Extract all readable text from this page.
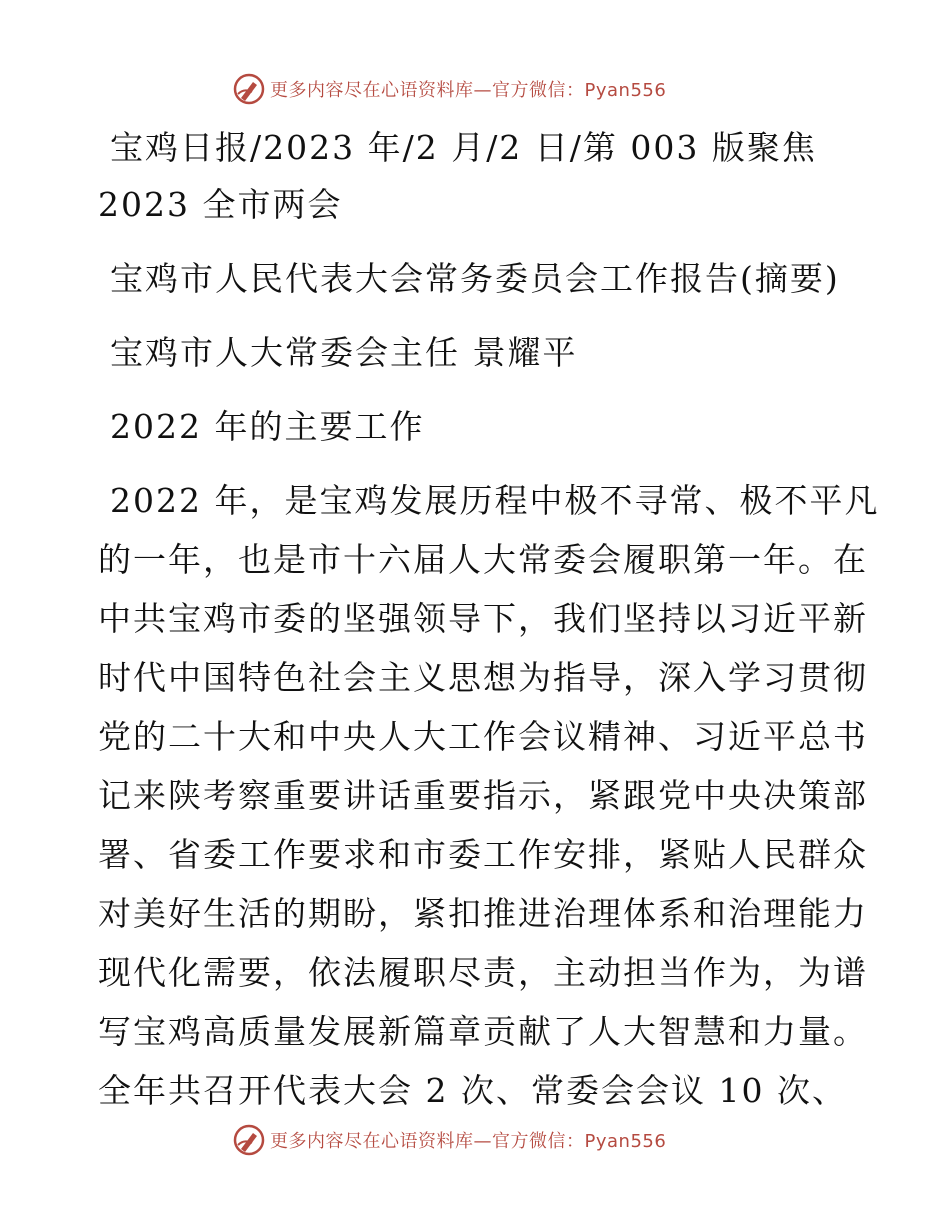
更多内容尽在心语资料库—官方微信：Pyan556
宝鸡日报/2023 年/2 月/2 日/第 003 版聚焦
2023 全市两会
宝鸡市人民代表大会常务委员会工作报告(摘要)
宝鸡市人大常委会主任 景耀平
2022 年的主要工作
2022 年，是宝鸡发展历程中极不寻常、极不平凡
的一年，也是市十六届人大常委会履职第一年。在
中共宝鸡市委的坚强领导下，我们坚持以习近平新
时代中国特色社会主义思想为指导，深入学习贯彻
党的二十大和中央人大工作会议精神、习近平总书
记来陕考察重要讲话重要指示，紧跟党中央决策部
署、省委工作要求和市委工作安排，紧贴人民群众
对美好生活的期盼，紧扣推进治理体系和治理能力
现代化需要，依法履职尽责，主动担当作为，为谱
写宝鸡高质量发展新篇章贡献了人大智慧和力量。
全年共召开代表大会 2 次、常委会会议 10 次、
更多内容尽在心语资料库—官方微信：Pyan556
